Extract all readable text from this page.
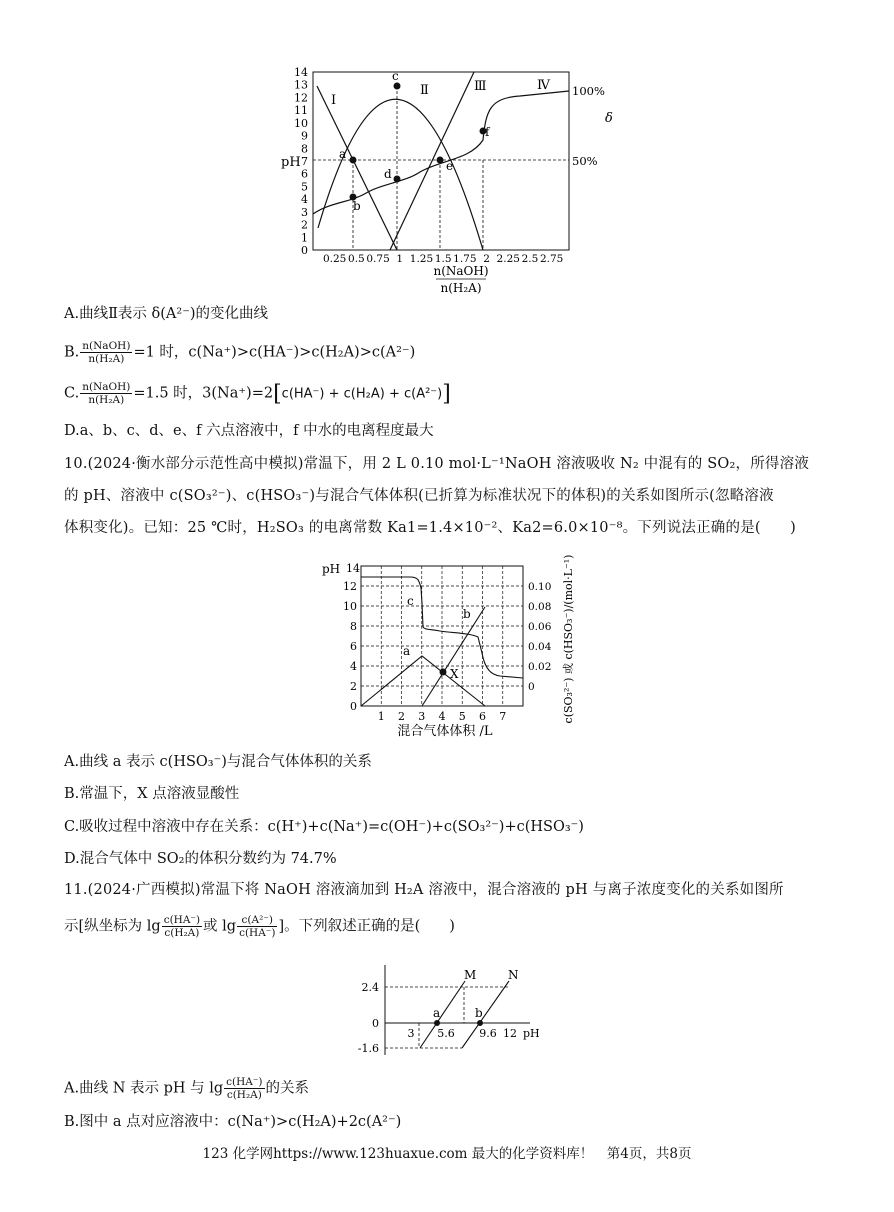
14
13
12
11
10
9
8
7
6
5
4
3
2
1
0
pH
a
b
c
d
e
f
Ⅰ
Ⅱ	Ⅲ	Ⅳ 100%
50%
δ
0.25 0.5 0.75 1 1.25 1.5 1.75 2 2.25 2.5 2.75
n(NaOH)
n(H₂A)
A.曲线Ⅱ表示 δ(A²⁻)的变化曲线
B. $\frac{\text{n(NaOH)}}{\text{n(H₂A)}} =1$ 时，c(Na⁺)>c(HA⁻)>c(H₂A)>c(A²⁻)
C. $\frac{\text{n(NaOH)}}{\text{n(H₂A)}} =1.5$ 时，3(Na⁺)=2[c(HA⁻) + c(H₂A) + c(A²⁻)]
D.a、b、c、d、e、f 六点溶液中，f 中水的电离程度最大
10.(2024·衡水部分示范性高中模拟)常温下，用 2 L 0.10 mol·L⁻¹NaOH 溶液吸收 N₂ 中混有的 SO₂，所得溶液
的 pH、溶液中 c(SO₃²⁻)、c(HSO₃⁻)与混合气体体积(已折算为标准状况下的体积)的关系如图所示(忽略溶液
体积变化)。已知：25 ℃时，H₂SO₃ 的电离常数 Ka1=1.4×10⁻²、Ka2=6.0×10⁻⁸。下列说法正确的是(　　)
pH
12
10
8
6
4
2
0
14
1 2 3 4 5 6 7
0.10
0.08
0.06
0.04
0.02
0
a
b
c
X
混合气体体积 /L
c(SO₃²⁻) 或 c(HSO₃⁻)/(mol·L⁻¹)
A.曲线 a 表示 c(HSO₃⁻)与混合气体体积的关系
B.常温下，X 点溶液显酸性
C.吸收过程中溶液中存在关系：c(H⁺)+c(Na⁺)=c(OH⁻)+c(SO₃²⁻)+c(HSO₃⁻)
D.混合气体中 SO₂的体积分数约为 74.7%
11.(2024·广西模拟)常温下将 NaOH 溶液滴加到 H₂A 溶液中，混合溶液的 pH 与离子浓度变化的关系如图所
示[纵坐标为 $\lg \frac{c(HA^-)}{\text{c(H₂A)}}$ 或 $\lg \frac{\text{c(A²⁻)}}{c(HA^-)}$ ]。下列叙述正确的是(　　)
M	N
a	b
2.4
0
-1.6
3 5.6 9.6 12 pH
A.曲线 N 表示 pH 与 $\lg \frac{c(HA^-)}{\text{c(H₂A)}}$ 的关系
B.图中 a 点对应溶液中：c(Na⁺)>c(H₂A)+2c(A²⁻)
123 化学网https://www.123huaxue.com 最大的化学资料库！　第4页，共8页
